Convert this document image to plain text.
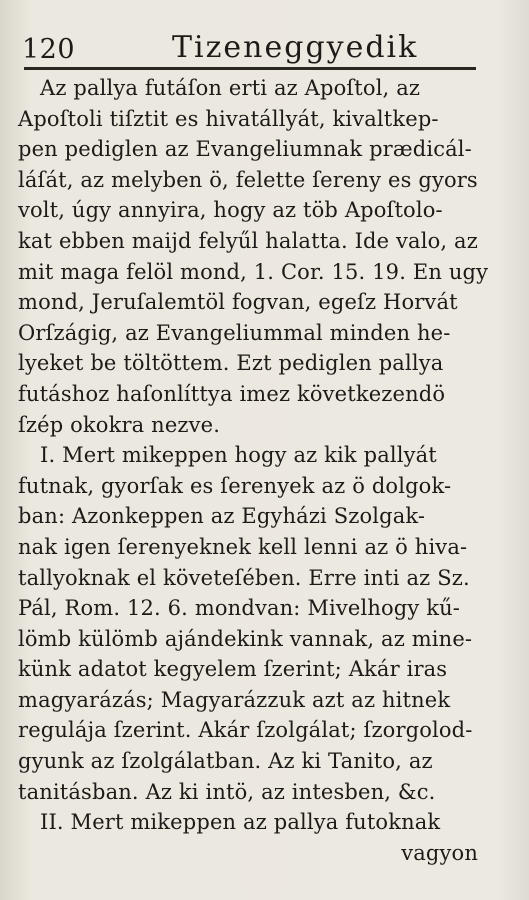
120	Tizeneggyedik
Az pallya futáſon erti az Apoſtol, az
Apoſtoli tiſztit es hivatállyát, kivaltkep-
pen pediglen az Evangeliumnak prædicál-
láſát, az melyben ö, felette ſereny es gyors
volt, úgy annyira, hogy az töb Apoſtolo-
kat ebben maijd felyűl halatta. Ide valo, az
mit maga felöl mond, 1. Cor. 15. 19. En ugy
mond, Jeruſalemtöl fogvan, egeſz Horvát
Orſzágig, az Evangeliummal minden he-
lyeket be töltöttem. Ezt pediglen pallya
futáshoz haſonlíttya imez következendö
ſzép okokra nezve.
I. Mert mikeppen hogy az kik pallyát
futnak, gyorſak es ſerenyek az ö dolgok-
ban: Azonkeppen az Egyházi Szolgak-
nak igen ſerenyeknek kell lenni az ö hiva-
tallyoknak el követeſében. Erre inti az Sz.
Pál, Rom. 12. 6. mondvan: Mivelhogy kű-
lömb külömb ajándekink vannak, az mine-
künk adatot kegyelem ſzerint; Akár iras
magyarázás; Magyarázzuk azt az hitnek
regulája ſzerint. Akár ſzolgálat; ſzorgolod-
gyunk az ſzolgálatban. Az ki Tanito, az
tanitásban. Az ki intö, az intesben, &c.
II. Mert mikeppen az pallya futoknak
vagyon
